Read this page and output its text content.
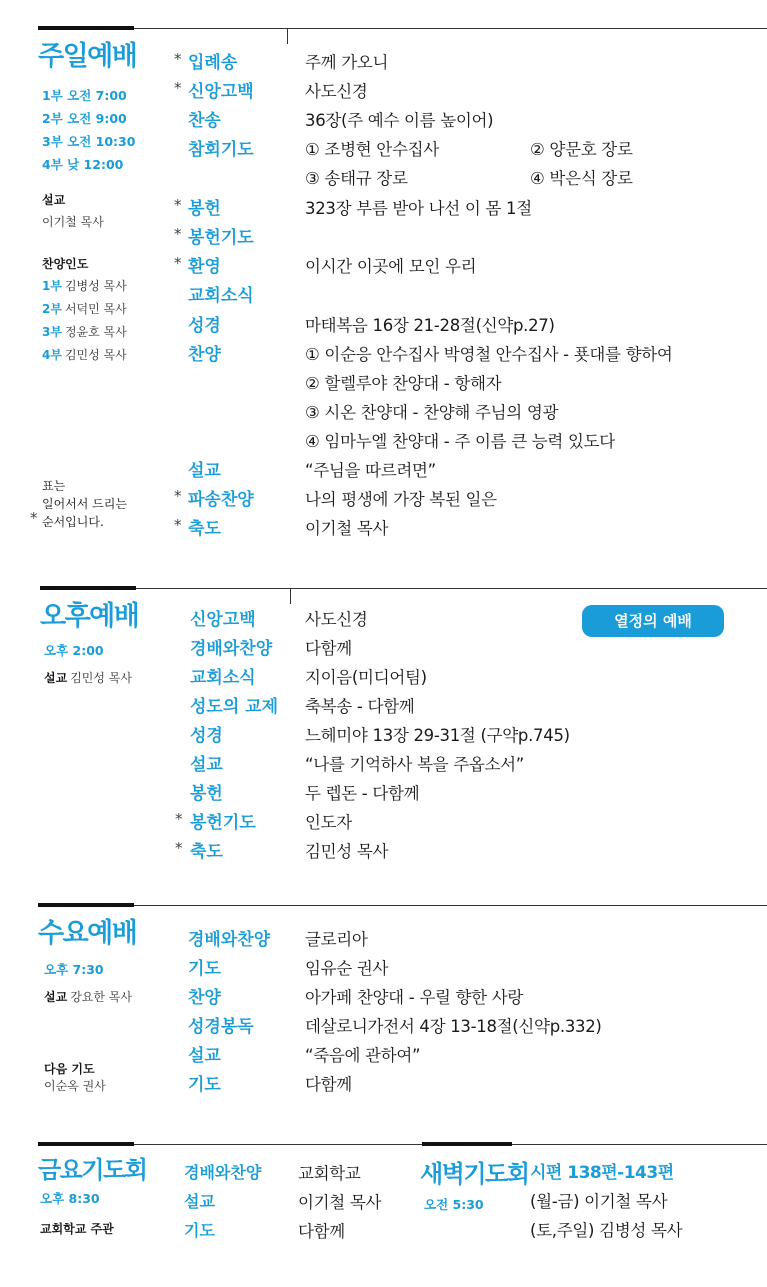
주일예배
1부 오전 7:00
2부 오전 9:00
3부 오전 10:30
4부 낮 12:00
설교
이기철 목사
찬양인도
1부 김병성 목사
2부 서덕민 목사
3부 정윤호 목사
4부 김민성 목사
표는
일어서서 드리는
* 순서입니다.
* 입례송	주께 가오니
* 신앙고백	사도신경
찬송	36장(주 예수 이름 높이어)
참회기도	① 조병현 안수집사	② 양문호 장로
③ 송태규 장로	④ 박은식 장로
* 봉헌	323장 부름 받아 나선 이 몸 1절
* 봉헌기도
* 환영	이시간 이곳에 모인 우리
교회소식
성경	마태복음 16장 21-28절(신약p.27)
찬양	① 이순응 안수집사 박영철 안수집사 - 푯대를 향하여
② 할렐루야 찬양대 - 항해자
③ 시온 찬양대 - 찬양해 주님의 영광
④ 임마누엘 찬양대 - 주 이름 큰 능력 있도다
설교	“주님을 따르려면”
* 파송찬양	나의 평생에 가장 복된 일은
* 축도	이기철 목사
오후예배
오후 2:00
설교 김민성 목사
열정의 예배
신앙고백	사도신경
경배와찬양 다함께
교회소식	지이음(미디어팀)
성도의 교제 축복송 - 다함께
성경	느헤미야 13장 29-31절 (구약p.745)
설교	“나를 기억하사 복을 주옵소서”
봉헌	두 렙돈 - 다함께
* 봉헌기도	인도자
* 축도	김민성 목사
수요예배
오후 7:30
설교 강요한 목사
다음 기도
이순옥 권사
경배와찬양 글로리아
기도	임유순 권사
찬양	아가페 찬양대 - 우릴 향한 사랑
성경봉독	데살로니가전서 4장 13-18절(신약p.332)
설교	“죽음에 관하여”
기도	다함께
금요기도회
오후 8:30
교회학교 주관
경배와찬양	교회학교
설교	이기철 목사
기도	다함께
새벽기도회
오전 5:30
시편 138편-143편
(월-금) 이기철 목사
(토,주일) 김병성 목사
